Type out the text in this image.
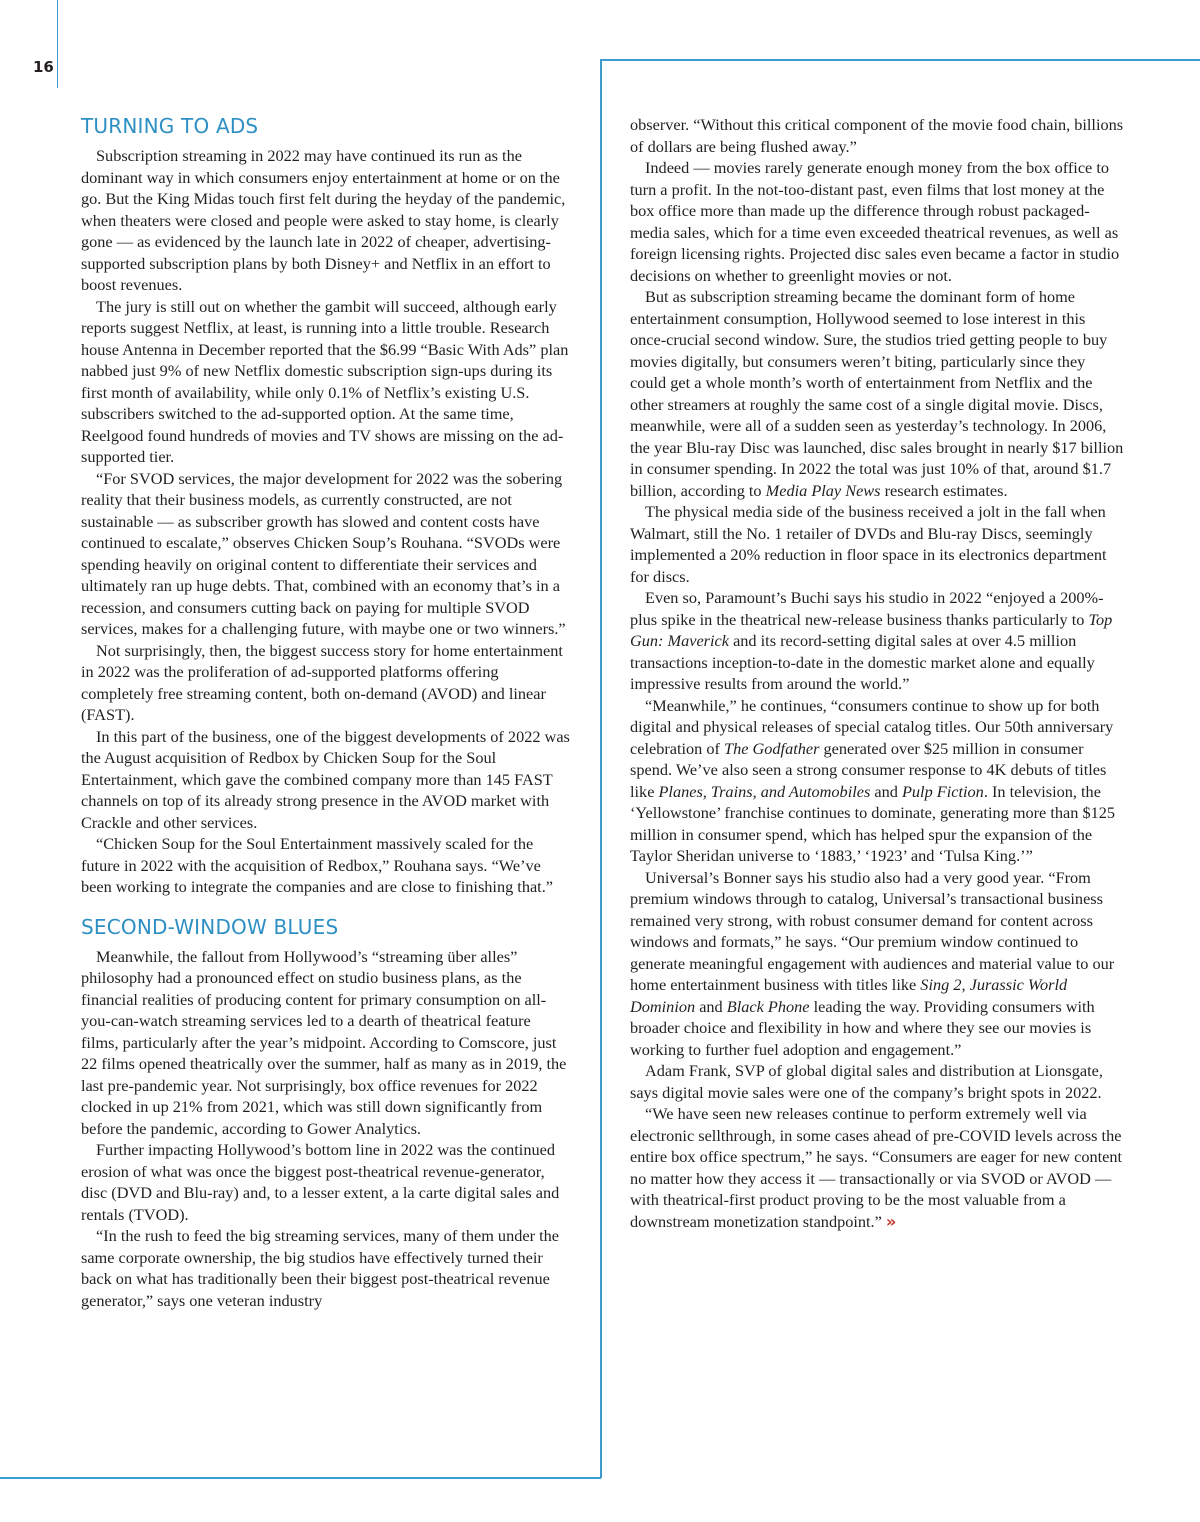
16
TURNING TO ADS

Subscription streaming in 2022 may have continued its run as the dominant way in which consumers enjoy entertainment at home or on the go. But the King Midas touch first felt during the heyday of the pandemic, when theaters were closed and people were asked to stay home, is clearly gone — as evidenced by the launch late in 2022 of cheaper, advertising-supported subscription plans by both Disney+ and Netflix in an effort to boost revenues.

The jury is still out on whether the gambit will succeed, although early reports suggest Netflix, at least, is running into a little trouble. Research house Antenna in December reported that the $6.99 “Basic With Ads” plan nabbed just 9% of new Netflix domestic subscription sign-ups during its first month of availability, while only 0.1% of Netflix’s existing U.S. subscribers switched to the ad-supported option. At the same time, Reelgood found hundreds of movies and TV shows are missing on the ad-supported tier.

“For SVOD services, the major development for 2022 was the sobering reality that their business models, as currently constructed, are not sustainable — as subscriber growth has slowed and content costs have continued to escalate,” observes Chicken Soup’s Rouhana. “SVODs were spending heavily on original content to differentiate their services and ultimately ran up huge debts. That, combined with an economy that’s in a recession, and consumers cutting back on paying for multiple SVOD services, makes for a challenging future, with maybe one or two winners.”

Not surprisingly, then, the biggest success story for home entertainment in 2022 was the proliferation of ad-supported platforms offering completely free streaming content, both on-demand (AVOD) and linear (FAST).

In this part of the business, one of the biggest developments of 2022 was the August acquisition of Redbox by Chicken Soup for the Soul Entertainment, which gave the combined company more than 145 FAST channels on top of its already strong presence in the AVOD market with Crackle and other services.

“Chicken Soup for the Soul Entertainment massively scaled for the future in 2022 with the acquisition of Redbox,” Rouhana says. “We’ve been working to integrate the companies and are close to finishing that.”

SECOND-WINDOW BLUES

Meanwhile, the fallout from Hollywood’s “streaming über alles” philosophy had a pronounced effect on studio business plans, as the financial realities of producing content for primary consumption on all-you-can-watch streaming services led to a dearth of theatrical feature films, particularly after the year’s midpoint. According to Comscore, just 22 films opened theatrically over the summer, half as many as in 2019, the last pre-pandemic year. Not surprisingly, box office revenues for 2022 clocked in up 21% from 2021, which was still down significantly from before the pandemic, according to Gower Analytics.

Further impacting Hollywood’s bottom line in 2022 was the continued erosion of what was once the biggest post-theatrical revenue-generator, disc (DVD and Blu-ray) and, to a lesser extent, a la carte digital sales and rentals (TVOD).

“In the rush to feed the big streaming services, many of them under the same corporate ownership, the big studios have effectively turned their back on what has traditionally been their biggest post-theatrical revenue generator,” says one veteran industry

observer. “Without this critical component of the movie food chain, billions of dollars are being flushed away.”

Indeed — movies rarely generate enough money from the box office to turn a profit. In the not-too-distant past, even films that lost money at the box office more than made up the difference through robust packaged-media sales, which for a time even exceeded theatrical revenues, as well as foreign licensing rights. Projected disc sales even became a factor in studio decisions on whether to greenlight movies or not.

But as subscription streaming became the dominant form of home entertainment consumption, Hollywood seemed to lose interest in this once-crucial second window. Sure, the studios tried getting people to buy movies digitally, but consumers weren’t biting, particularly since they could get a whole month’s worth of entertainment from Netflix and the other streamers at roughly the same cost of a single digital movie. Discs, meanwhile, were all of a sudden seen as yesterday’s technology. In 2006, the year Blu-ray Disc was launched, disc sales brought in nearly $17 billion in consumer spending. In 2022 the total was just 10% of that, around $1.7 billion, according to Media Play News research estimates.

The physical media side of the business received a jolt in the fall when Walmart, still the No. 1 retailer of DVDs and Blu-ray Discs, seemingly implemented a 20% reduction in floor space in its electronics department for discs.

Even so, Paramount’s Buchi says his studio in 2022 “enjoyed a 200%-plus spike in the theatrical new-release business thanks particularly to Top Gun: Maverick and its record-setting digital sales at over 4.5 million transactions inception-to-date in the domestic market alone and equally impressive results from around the world.”

“Meanwhile,” he continues, “consumers continue to show up for both digital and physical releases of special catalog titles. Our 50th anniversary celebration of The Godfather generated over $25 million in consumer spend. We’ve also seen a strong consumer response to 4K debuts of titles like Planes, Trains, and Automobiles and Pulp Fiction. In television, the ‘Yellowstone’ franchise continues to dominate, generating more than $125 million in consumer spend, which has helped spur the expansion of the Taylor Sheridan universe to ‘1883,’ ‘1923’ and ‘Tulsa King.’”

Universal’s Bonner says his studio also had a very good year. “From premium windows through to catalog, Universal’s transactional business remained very strong, with robust consumer demand for content across windows and formats,” he says. “Our premium window continued to generate meaningful engagement with audiences and material value to our home entertainment business with titles like Sing 2, Jurassic World Dominion and Black Phone leading the way. Providing consumers with broader choice and flexibility in how and where they see our movies is working to further fuel adoption and engagement.”

Adam Frank, SVP of global digital sales and distribution at Lionsgate, says digital movie sales were one of the company’s bright spots in 2022.

“We have seen new releases continue to perform extremely well via electronic sellthrough, in some cases ahead of pre-COVID levels across the entire box office spectrum,” he says. “Consumers are eager for new content no matter how they access it — transactionally or via SVOD or AVOD — with theatrical-first product proving to be the most valuable from a downstream monetization standpoint.” »
